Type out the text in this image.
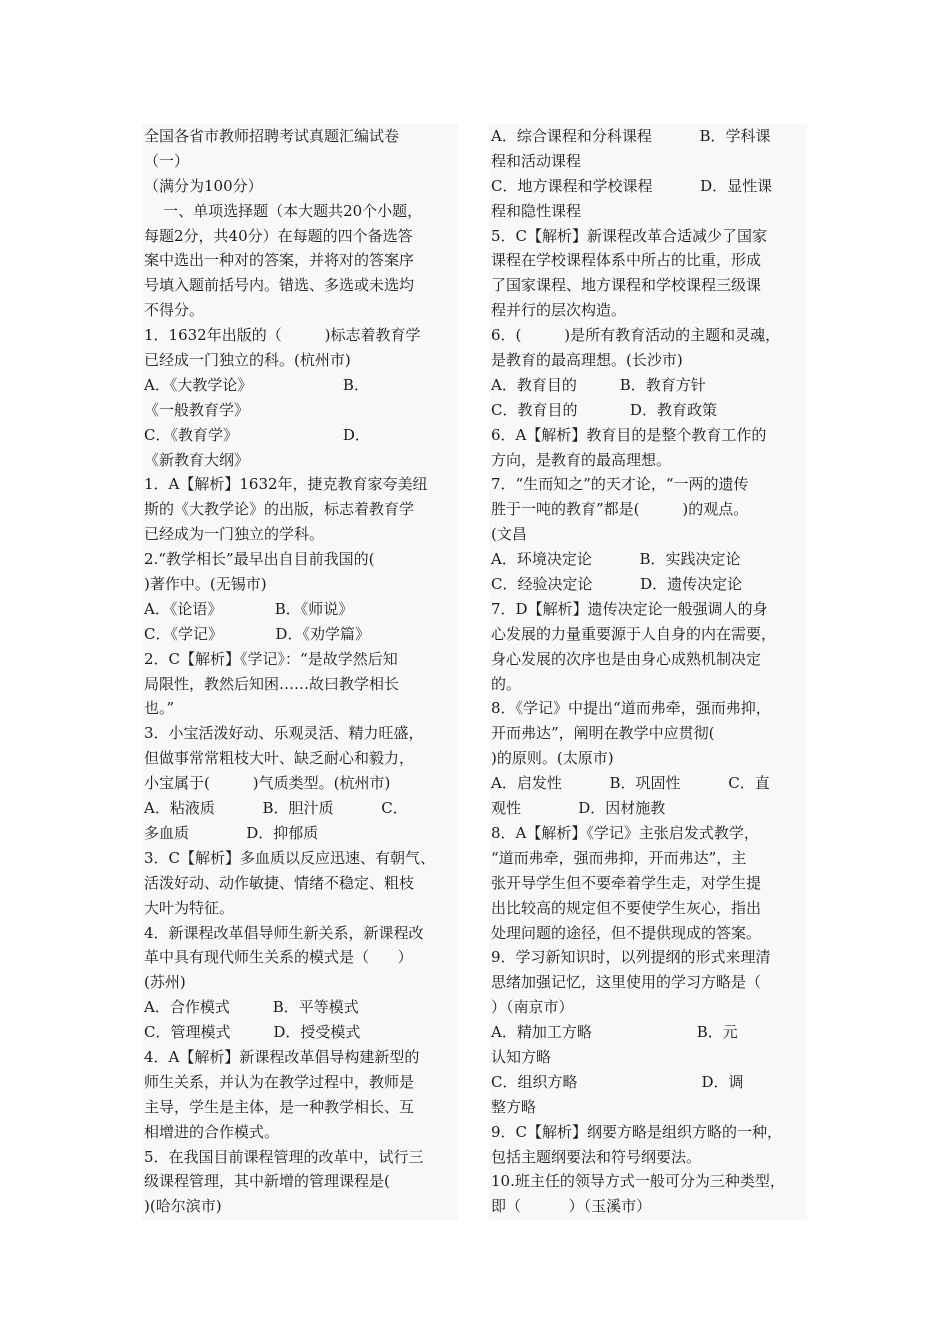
全国各省市教师招聘考试真题汇编试卷
（一）
（满分为100分）
一、单项选择题（本大题共20个小题，
每题2分，共40分）在每题的四个备选答
案中选出一种对的答案，并将对的答案序
号填入题前括号内。错选、多选或未选均
不得分。
1．1632年出版的（         )标志着教育学
已经成一门独立的科。(杭州市)
A．《大教学论》                   B．
《一般教育学》
C．《教育学》                      D．
《新教育大纲》
1．A【解析】1632年，捷克教育家夸美纽
斯的《大教学论》的出版，标志着教育学
已经成为一门独立的学科。
2.“教学相长”最早出自目前我国的(
)著作中。(无锡市)
A．《论语》           B．《师说》
C．《学记》           D．《劝学篇》
2．C【解析】《学记》：“是故学然后知
局限性，教然后知困……故曰教学相长
也。”
3．小宝活泼好动、乐观灵活、精力旺盛，
但做事常常粗枝大叶、缺乏耐心和毅力，
小宝属于(         )气质类型。(杭州市)
A．粘液质          B．胆汁质          C．
多血质            D．抑郁质
3．C【解析】多血质以反应迅速、有朝气、
活泼好动、动作敏捷、情绪不稳定、粗枝
大叶为特征。
4．新课程改革倡导师生新关系，新课程改
革中具有现代师生关系的模式是（      ）
(苏州)
A．合作模式         B．平等模式
C．管理模式         D．授受模式
4．A【解析】新课程改革倡导构建新型的
师生关系，并认为在教学过程中，教师是
主导，学生是主体，是一种教学相长、互
相增进的合作模式。
5．在我国目前课程管理的改革中，试行三
级课程管理，其中新增的管理课程是(
)(哈尔滨市)
A．综合课程和分科课程          B．学科课
程和活动课程
C．地方课程和学校课程          D．显性课
程和隐性课程
5．C【解析】新课程改革合适减少了国家
课程在学校课程体系中所占的比重，形成
了国家课程、地方课程和学校课程三级课
程并行的层次构造。
6．(         )是所有教育活动的主题和灵魂，
是教育的最高理想。(长沙市)
A．教育目的         B．教育方针
C．教育目的           D．教育政策
6．A【解析】教育目的是整个教育工作的
方向，是教育的最高理想。
7．“生而知之”的天才论，“一两的遗传
胜于一吨的教育”都是(         )的观点。
(文昌
A．环境决定论          B．实践决定论
C．经验决定论          D．遗传决定论
7．D【解析】遗传决定论一般强调人的身
心发展的力量重要源于人自身的内在需要，
身心发展的次序也是由身心成熟机制决定
的。
8．《学记》中提出“道而弗牵，强而弗抑，
开而弗达”，阐明在教学中应贯彻(
)的原则。(太原市)
A．启发性          B．巩固性          C．直
观性            D．因材施教
8．A【解析】《学记》主张启发式教学，
“道而弗牵，强而弗抑，开而弗达”，主
张开导学生但不要牵着学生走，对学生提
出比较高的规定但不要使学生灰心，指出
处理问题的途径，但不提供现成的答案。
9．学习新知识时，以列提纲的形式来理清
思绪加强记忆，这里使用的学习方略是（
）（南京市）
A．精加工方略                      B．元
认知方略
C．组织方略                          D．调
整方略
9．C【解析】纲要方略是组织方略的一种，
包括主题纲要法和符号纲要法。
10.班主任的领导方式一般可分为三种类型，
即（          ）（玉溪市）
